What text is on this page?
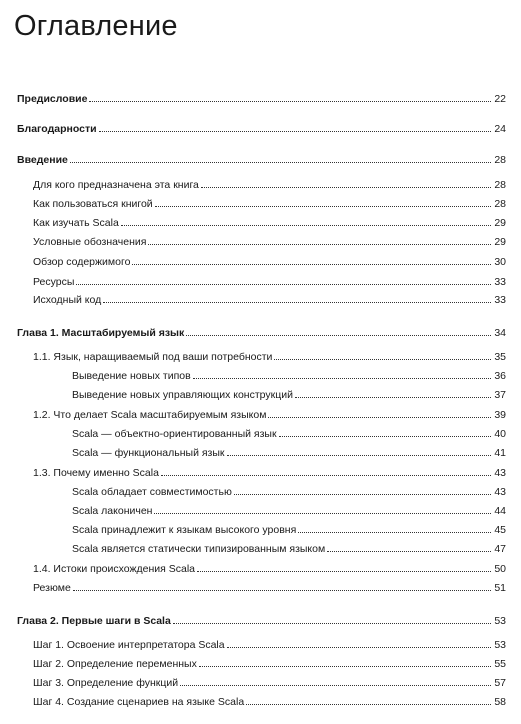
Оглавление
Предисловие	22
Благодарности	24
Введение	28
Для кого предназначена эта книга	28
Как пользоваться книгой	28
Как изучать Scala	29
Условные обозначения	29
Обзор содержимого	30
Ресурсы	33
Исходный код	33
Глава 1. Масштабируемый язык	34
1.1. Язык, наращиваемый под ваши потребности	35
Выведение новых типов	36
Выведение новых управляющих конструкций	37
1.2. Что делает Scala масштабируемым языком	39
Scala — объектно-ориентированный язык	40
Scala — функциональный язык	41
1.3. Почему именно Scala	43
Scala обладает совместимостью	43
Scala лаконичен	44
Scala принадлежит к языкам высокого уровня	45
Scala является статически типизированным языком	47
1.4. Истоки происхождения Scala	50
Резюме	51
Глава 2. Первые шаги в Scala	53
Шаг 1. Освоение интерпретатора Scala	53
Шаг 2. Определение переменных	55
Шаг 3. Определение функций	57
Шаг 4. Создание сценариев на языке Scala	58
